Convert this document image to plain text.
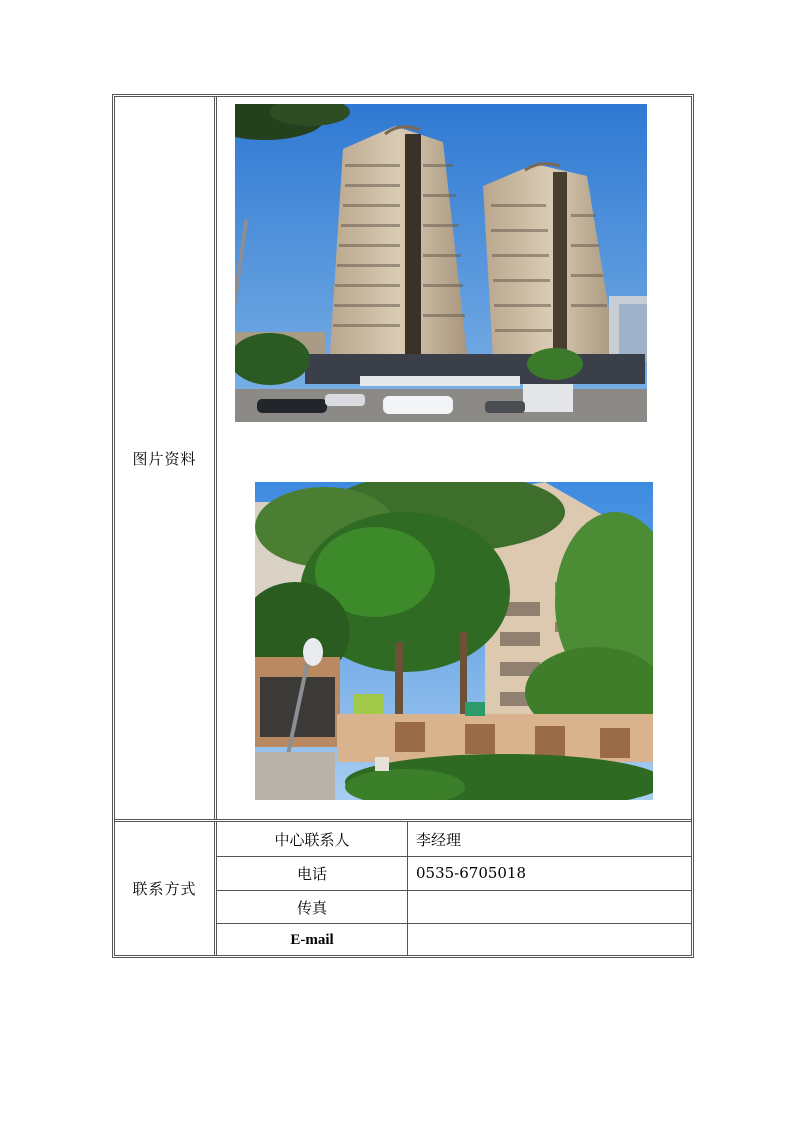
图片资料
联系方式
中心联系人	李经理
电话	0535-6705018
传真
E-mail
